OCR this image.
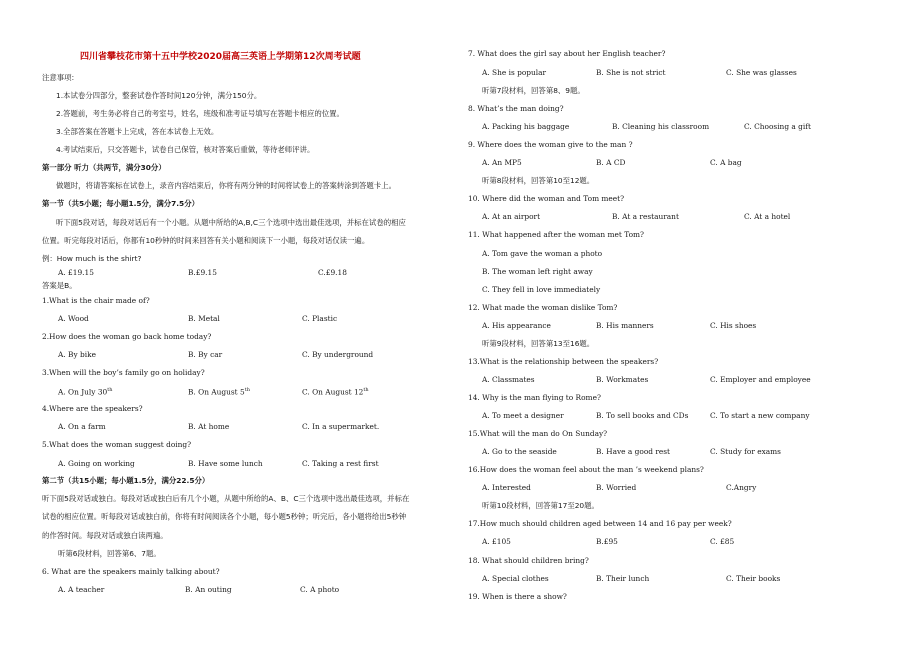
四川省攀枝花市第十五中学校2020届高三英语上学期第12次周考试题
注意事项:
1.本试卷分四部分，整套试卷作答时间120分钟，满分150分。
2.答题前，考生务必将自己的考室号，姓名，班级和准考证号填写在答题卡相应的位置。
3.全部答案在答题卡上完成，答在本试卷上无效。
4.考试结束后，只交答题卡，试卷自己保管，核对答案后重做，等待老师评讲。
第一部分 听力（共两节，满分30分）
做题时，将请答案标在试卷上，录音内容结束后，你将有两分钟的时间将试卷上的答案转涂到答题卡上。
第一节（共5小题；每小题1.5分，满分7.5分）
听下面5段对话，每段对话后有一个小题。从题中所给的A,B,C三个选项中选出最佳选项，并标在试卷的相应
位置。听完每段对话后，你都有10秒钟的时间来回答有关小题和阅读下一小题，每段对话仅读一遍。
例：How much is the shirt?
A. £19.15	B.£9.15	C.£9.18
答案是B。
1.What is the chair made of?
A. Wood	B. Metal	C. Plastic
2.How does the woman go back home today?
A. By bike	B. By car	C. By underground
3.When will the boy’s family go on holiday?
A. On July 30th	B. On August 5th	C. On August 12th
4.Where are the speakers?
A. On a farm	B. At home	C. In a supermarket.
5.What does the woman suggest doing?
A. Going on working	B. Have some lunch	C. Taking a rest first
第二节（共15小题；每小题1.5分，满分22.5分）
听下面5段对话或独白。每段对话或独白后有几个小题，从题中所给的A、B、C三个选项中选出最佳选项，并标在
试卷的相应位置。听每段对话或独白前，你将有时间阅读各个小题，每小题5秒钟；听完后，各小题将给出5秒钟
的作答时间。每段对话或独白读两遍。
听第6段材料，回答第6、7题。
6. What are the speakers mainly talking about?
A. A teacher	B. An outing	C. A photo
7. What does the girl say about her English teacher?
A. She is popular	B. She is not strict	C. She was glasses
听第7段材料，回答第8、9题。
8. What’s the man doing?
A. Packing his baggage	B. Cleaning his classroom	C. Choosing a gift
9. Where does the woman give to the man ?
A. An MP5	B. A CD	C. A bag
听第8段材料，回答第10至12题。
10. Where did the woman and Tom meet?
A. At an airport	B. At a restaurant	C. At a hotel
11. What happened after the woman met Tom?
A. Tom gave the woman a photo
B. The woman left right away
C. They fell in love immediately
12. What made the woman dislike Tom?
A. His appearance	B. His manners	C. His shoes
听第9段材料，回答第13至16题。
13.What is the relationship between the speakers?
A. Classmates	B. Workmates	C. Employer and employee
14. Why is the man flying to Rome?
A. To meet a designer	B. To sell books and CDs	C. To start a new company
15.What will the man do On Sunday?
A. Go to the seaside	B. Have a good rest	C. Study for exams
16.How does the woman feel about the man ’s weekend plans?
A. Interested	B. Worried	C.Angry
听第10段材料，回答第17至20题。
17.How much should children aged between 14 and 16 pay per week?
A. £105	B.£95	C. £85
18. What should children bring?
A. Special clothes	B. Their lunch	C. Their books
19. When is there a show?
